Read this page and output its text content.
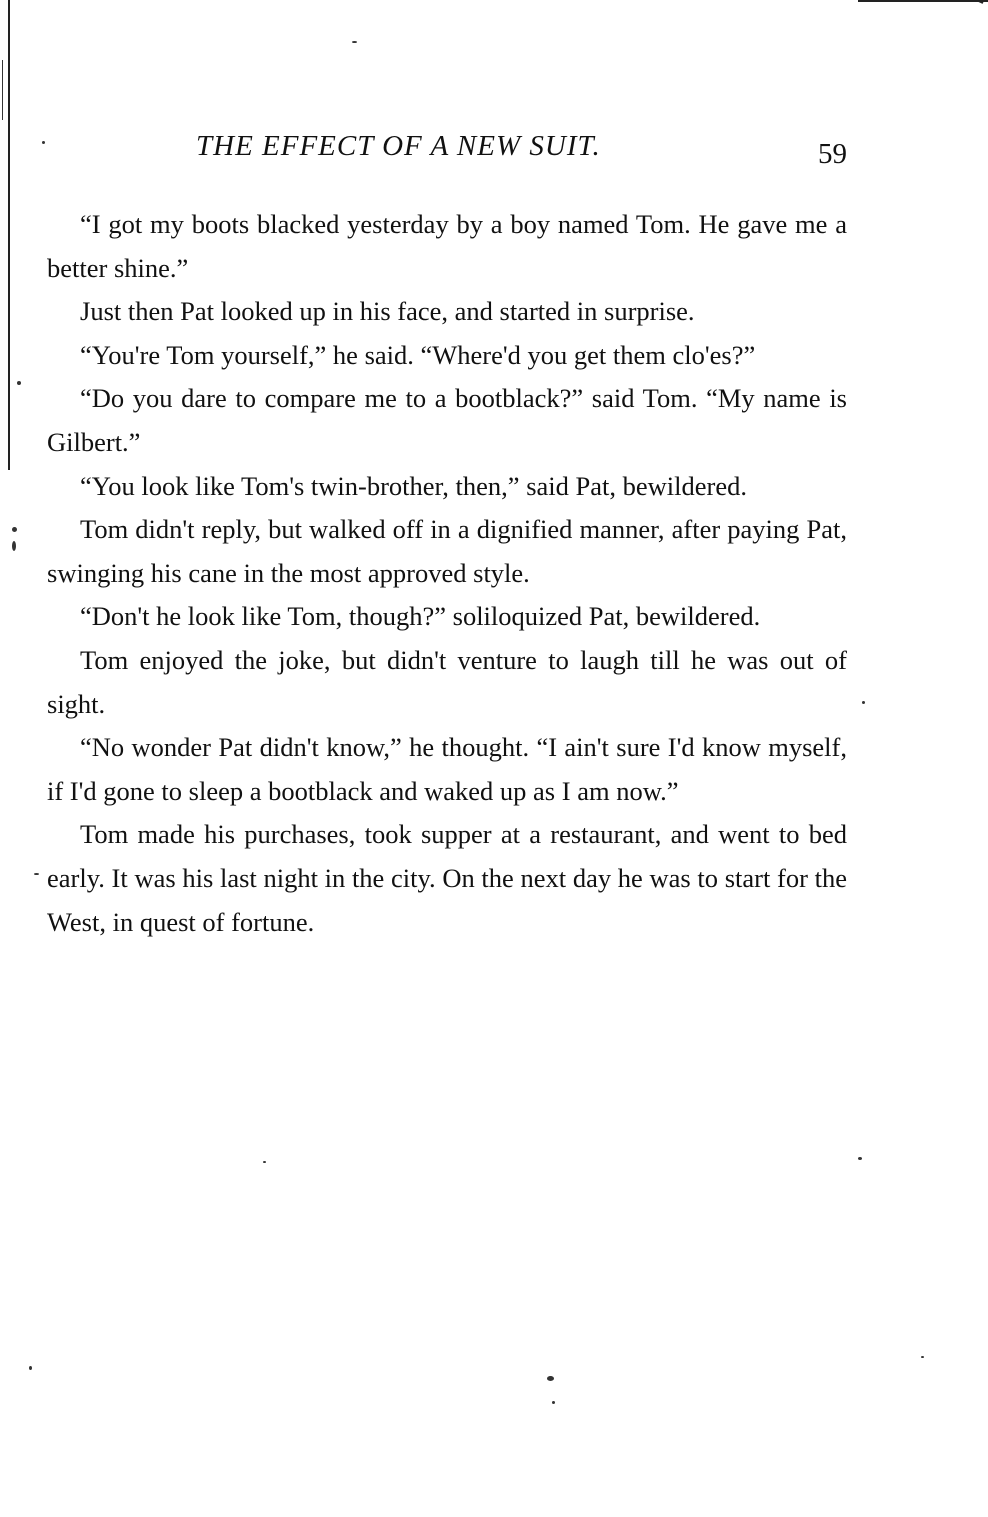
THE EFFECT OF A NEW SUIT.	59

“I got my boots blacked yesterday by a boy named Tom. He gave me a better shine.”

Just then Pat looked up in his face, and started in surprise.

“You're Tom yourself,” he said. “Where'd you get them clo'es?”

“Do you dare to compare me to a bootblack?” said Tom. “My name is Gilbert.”

“You look like Tom's twin-brother, then,” said Pat, bewildered.

Tom didn't reply, but walked off in a dignified manner, after paying Pat, swinging his cane in the most approved style.

“Don't he look like Tom, though?” soliloquized Pat, bewildered.

Tom enjoyed the joke, but didn't venture to laugh till he was out of sight.

“No wonder Pat didn't know,” he thought. “I ain't sure I'd know myself, if I'd gone to sleep a bootblack and waked up as I am now.”

Tom made his purchases, took supper at a restaurant, and went to bed early. It was his last night in the city. On the next day he was to start for the West, in quest of fortune.
